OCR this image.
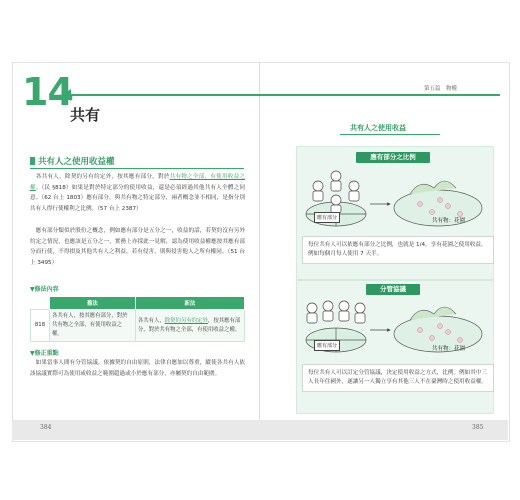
14
共有
第五篇　物權
共有人之使用收益權
　各共有人，除契約另有約定外，按其應有部分，對於共有物之全部，有使用收益之權。（民 §818）如果是對於特定部分的使用收益，還是必須經過其他共有人全體之同意。（62 台上 1803）應有部分，與共有物之特定部分，兩者概念並不相同，是指分別共有人得行使權利之比例。（57 台上 2387）
　應有部分類似於股份之概念，例如應有部分是五分之一，收益的話，若契約沒有另外約定之情況，也應該是五分之一，實務上亦採此一見解，認為使用收益權應按其應有部分而行使，不得損及其他共有人之利益，若有侵害，則與侵害他人之所有權同。（51 台上 3495）
▼修法內容
	舊法	新法
818	各共有人，按其應有部分，對於共有物之全部，有使用收益之權。	各共有人，除契約另有約定外，按其應有部分，對於共有物之全部，有使用收益之權。
▼修正重點
　如果當事人間有分管協議，依據契約自由原則，法律自應加以尊重，縱使各共有人依該協議實際可為使用或收益之範圍超過或小於應有部分，亦屬契約自由範圍。
384
共有人之使用收益
應有部分之比例
應有部分	共有物：花園
每位共有人可以依應有部分之比例，也就是 1/4，享有花園之使用收益，例如每個月每人使用 7 天半。
分管協議
應有部分	共有物：花園
每位共有人可以訂定分管協議，決定使用收益之方式，比例。例如其中三人長年住國外，遂讓另一人獨立享有其他三人不在臺灣時之使用收益權。
385
